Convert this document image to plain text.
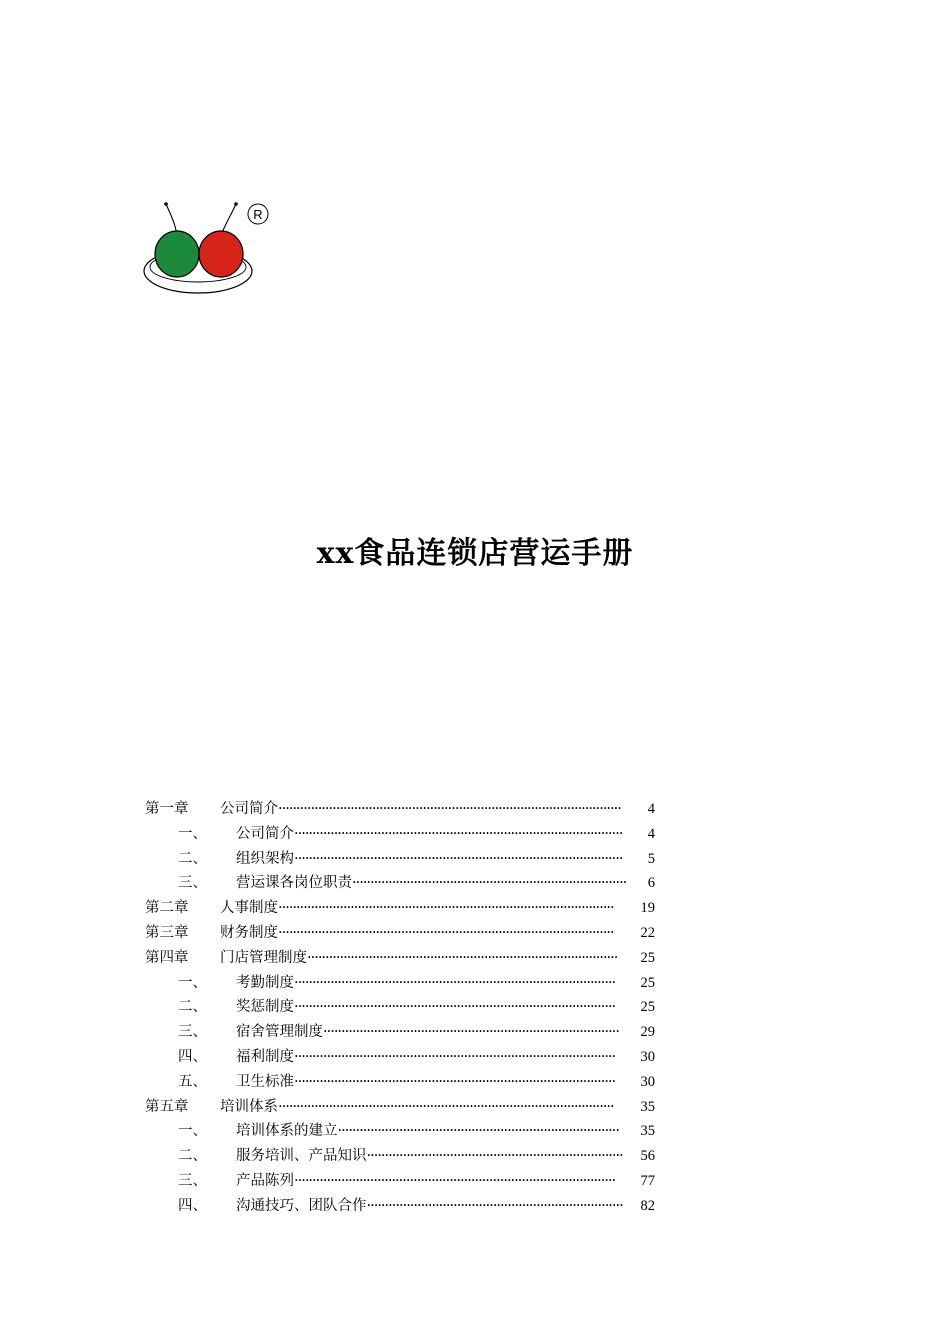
R
xx食品连锁店营运手册
第一章	公司简介 ·······························································································	4
一、	公司简介 ···························································································	4
二、	组织架构 ···························································································	5
三、	营运课各岗位职责 ············································································	6
第二章	人事制度 ·····························································································	19
第三章	财务制度 ·····························································································	22
第四章	门店管理制度 ······················································································	25
一、	考勤制度 ·························································································	25
二、	奖惩制度 ·························································································	25
三、	宿舍管理制度 ··················································································	29
四、	福利制度 ·························································································	30
五、	卫生标准 ·························································································	30
第五章	培训体系 ·····························································································	35
一、	培训体系的建立 ··············································································	35
二、	服务培训、产品知识 ·······································································	56
三、	产品陈列 ·························································································	77
四、	沟通技巧、团队合作 ·······································································	82
